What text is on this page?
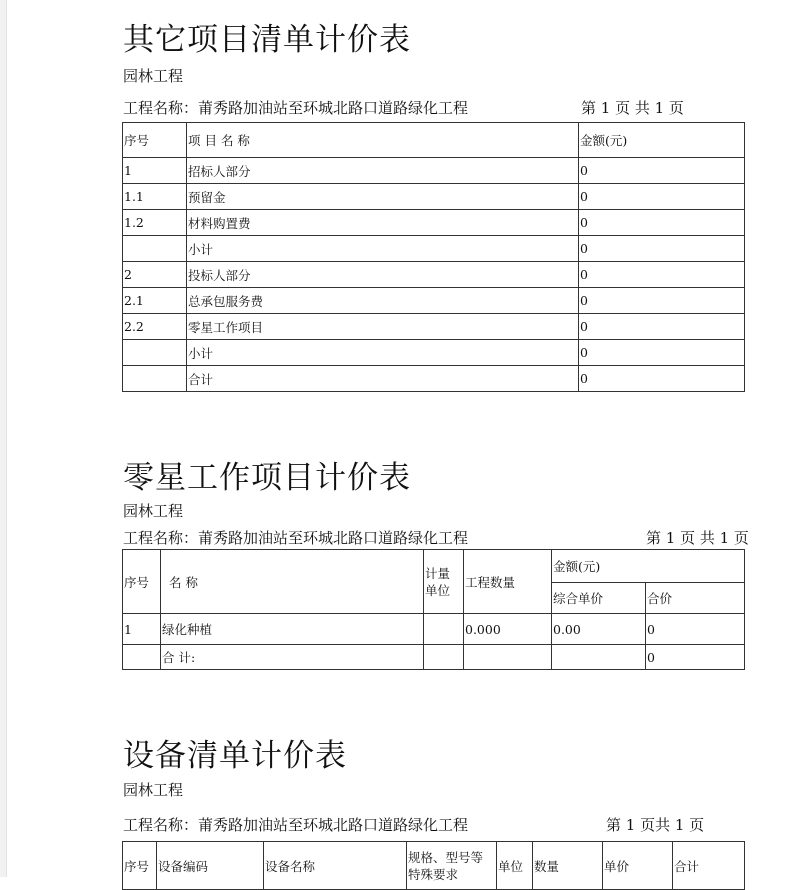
其它项目清单计价表
园林工程
工程名称：莆秀路加油站至环城北路口道路绿化工程	第 1 页 共 1 页
序号	项 目 名 称	金额(元)
1	招标人部分	0
1.1	预留金	0
1.2	材料购置费	0
	小计	0
2	投标人部分	0
2.1	总承包服务费	0
2.2	零星工作项目	0
	小计	0
	合计	0
零星工作项目计价表
园林工程
工程名称：莆秀路加油站至环城北路口道路绿化工程	第 1 页 共 1 页
序号	名 称	计量单位	工程数量	金额(元)	
				综合单价	合价
1	绿化种植		0.000	0.00	0
	合 计:				0
设备清单计价表
园林工程
工程名称：莆秀路加油站至环城北路口道路绿化工程	第 1 页共 1 页
序号	设备编码	设备名称	规格、型号等特殊要求	单位	数量	单价	合计
